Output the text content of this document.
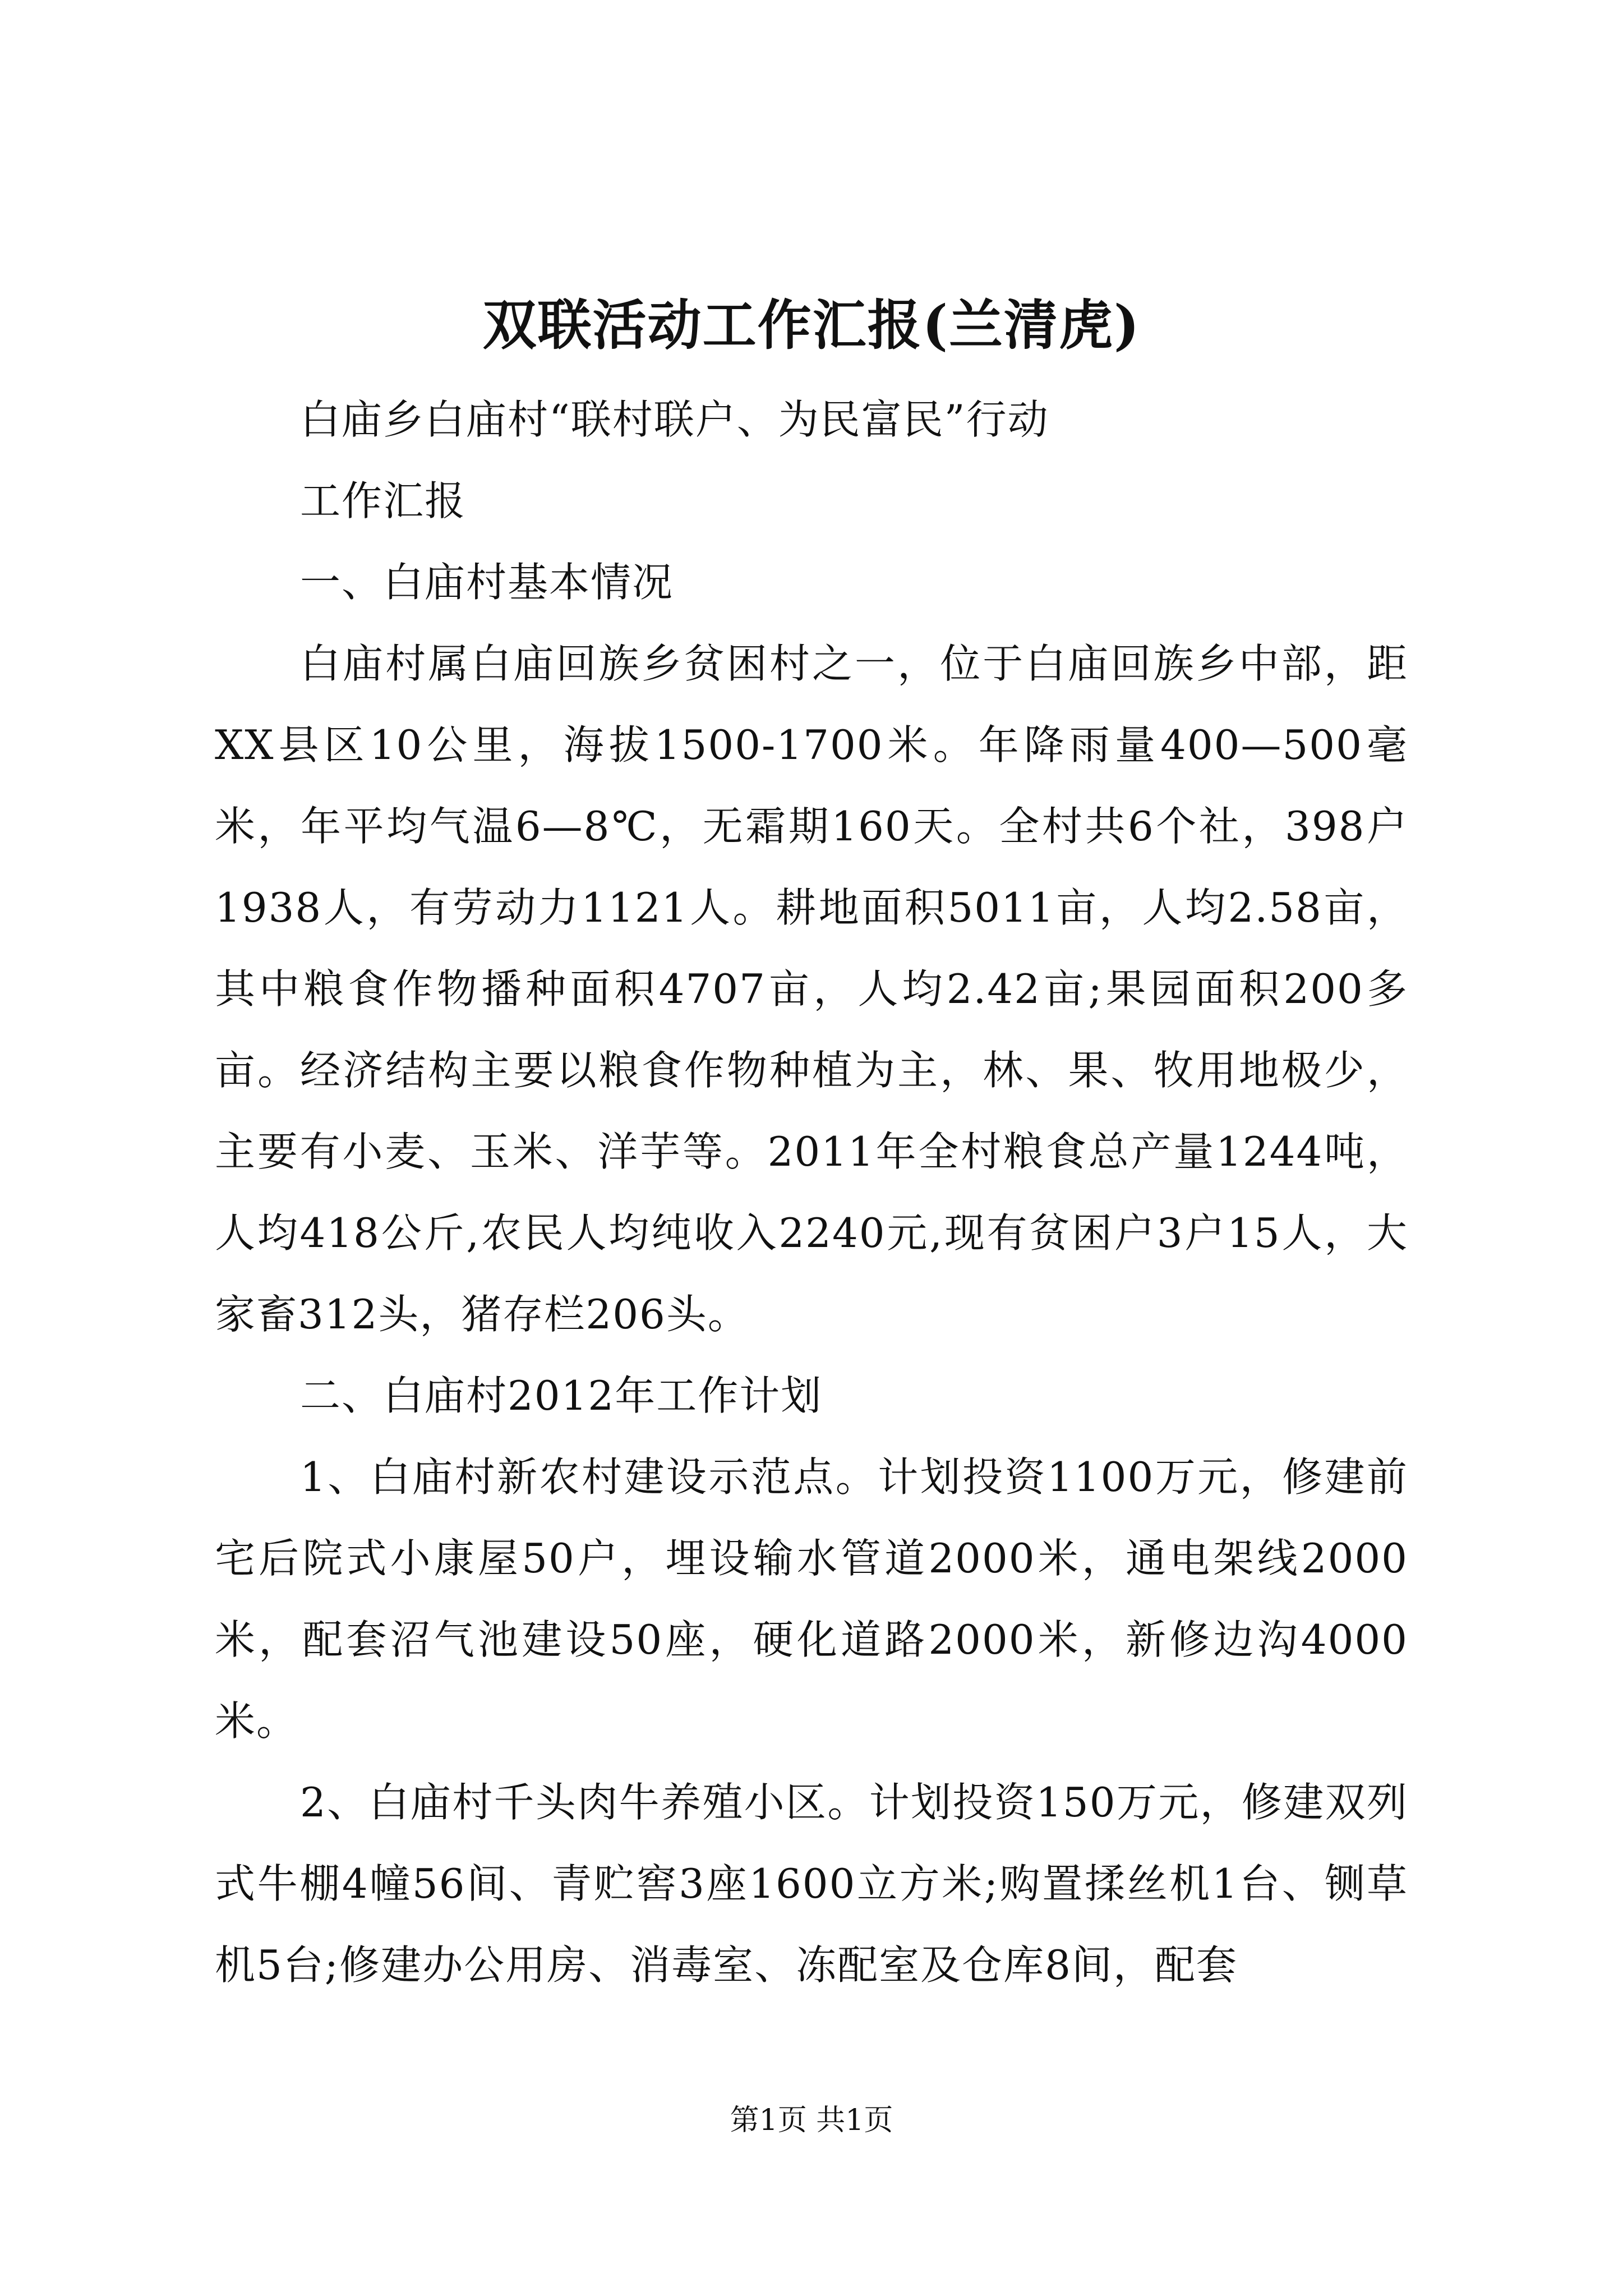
双联活动工作汇报(兰清虎)

白庙乡白庙村“联村联户、为民富民”行动

工作汇报

一、白庙村基本情况

白庙村属白庙回族乡贫困村之一，位于白庙回族乡中部，距XX县区10公里，海拔1500-1700米。年降雨量400—500毫米，年平均气温6—8℃，无霜期160天。全村共6个社，398户1938人，有劳动力1121人。耕地面积5011亩，人均2.58亩，其中粮食作物播种面积4707亩，人均2.42亩;果园面积200多亩。经济结构主要以粮食作物种植为主，林、果、牧用地极少，主要有小麦、玉米、洋芋等。2011年全村粮食总产量1244吨，人均418公斤,农民人均纯收入2240元,现有贫困户3户15人，大家畜312头，猪存栏206头。

二、白庙村2012年工作计划

1、白庙村新农村建设示范点。计划投资1100万元，修建前宅后院式小康屋50户，埋设输水管道2000米，通电架线2000米，配套沼气池建设50座，硬化道路2000米，新修边沟4000米。

2、白庙村千头肉牛养殖小区。计划投资150万元，修建双列式牛棚4幢56间、青贮窖3座1600立方米;购置揉丝机1台、铡草机5台;修建办公用房、消毒室、冻配室及仓库8间，配套

第1页 共1页
